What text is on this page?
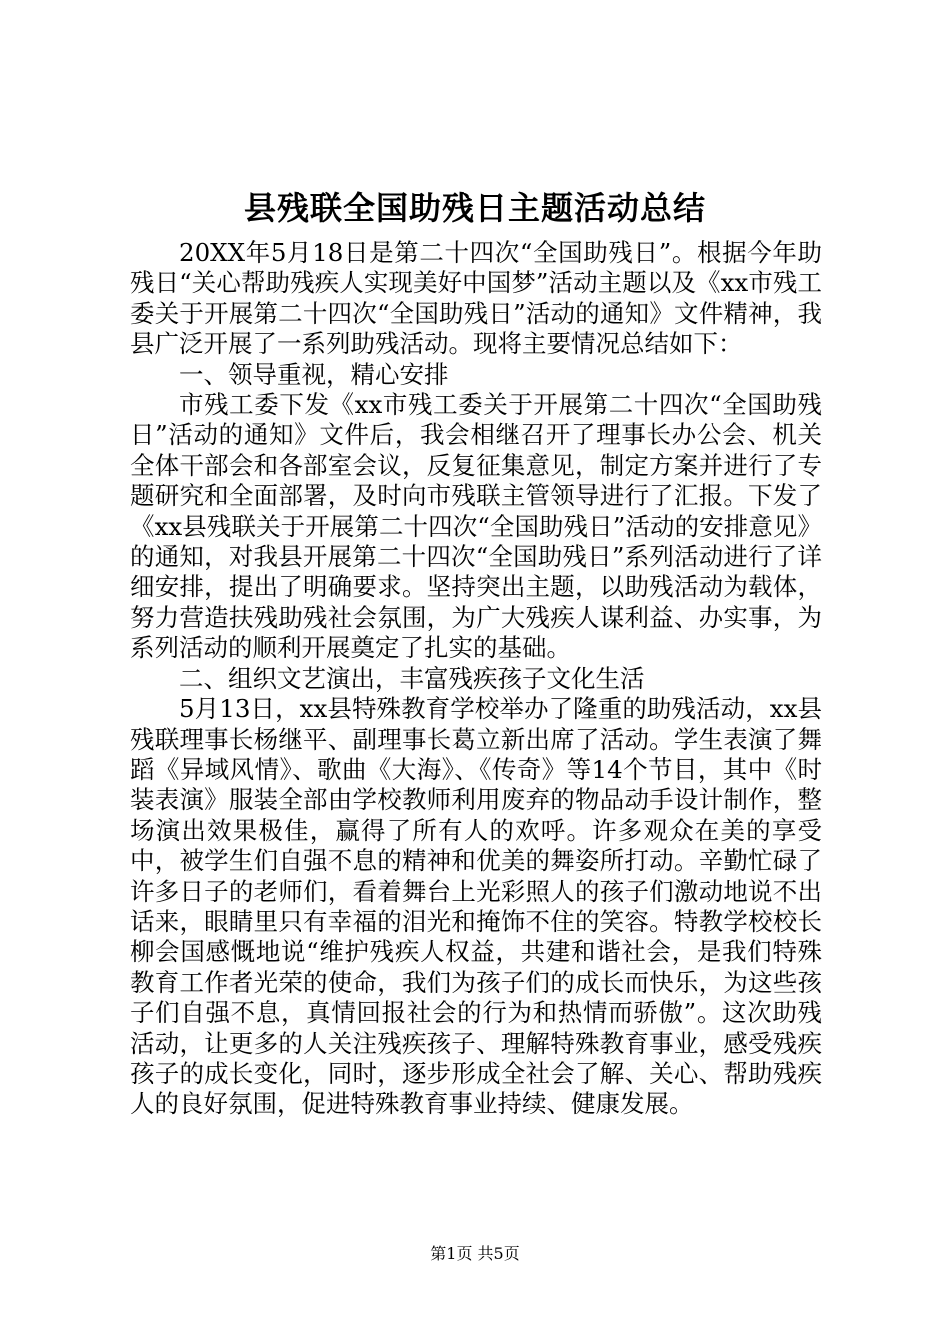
县残联全国助残日主题活动总结

20XX年5月18日是第二十四次“全国助残日”。根据今年助残日“关心帮助残疾人实现美好中国梦”活动主题以及《xx市残工委关于开展第二十四次“全国助残日”活动的通知》文件精神，我县广泛开展了一系列助残活动。现将主要情况总结如下：

一、领导重视，精心安排

市残工委下发《xx市残工委关于开展第二十四次“全国助残日”活动的通知》文件后，我会相继召开了理事长办公会、机关全体干部会和各部室会议，反复征集意见，制定方案并进行了专题研究和全面部署，及时向市残联主管领导进行了汇报。下发了《xx县残联关于开展第二十四次“全国助残日”活动的安排意见》的通知，对我县开展第二十四次“全国助残日”系列活动进行了详细安排，提出了明确要求。坚持突出主题，以助残活动为载体，努力营造扶残助残社会氛围，为广大残疾人谋利益、办实事，为系列活动的顺利开展奠定了扎实的基础。

二、组织文艺演出，丰富残疾孩子文化生活

5月13日，xx县特殊教育学校举办了隆重的助残活动，xx县残联理事长杨继平、副理事长葛立新出席了活动。学生表演了舞蹈《异域风情》、歌曲《大海》、《传奇》等14个节目，其中《时装表演》服装全部由学校教师利用废弃的物品动手设计制作，整场演出效果极佳，赢得了所有人的欢呼。许多观众在美的享受中，被学生们自强不息的精神和优美的舞姿所打动。辛勤忙碌了许多日子的老师们，看着舞台上光彩照人的孩子们激动地说不出话来，眼睛里只有幸福的泪光和掩饰不住的笑容。特教学校校长柳会国感慨地说“维护残疾人权益，共建和谐社会，是我们特殊教育工作者光荣的使命，我们为孩子们的成长而快乐，为这些孩子们自强不息，真情回报社会的行为和热情而骄傲”。这次助残活动，让更多的人关注残疾孩子、理解特殊教育事业，感受残疾孩子的成长变化，同时，逐步形成全社会了解、关心、帮助残疾人的良好氛围，促进特殊教育事业持续、健康发展。

第1页 共5页
